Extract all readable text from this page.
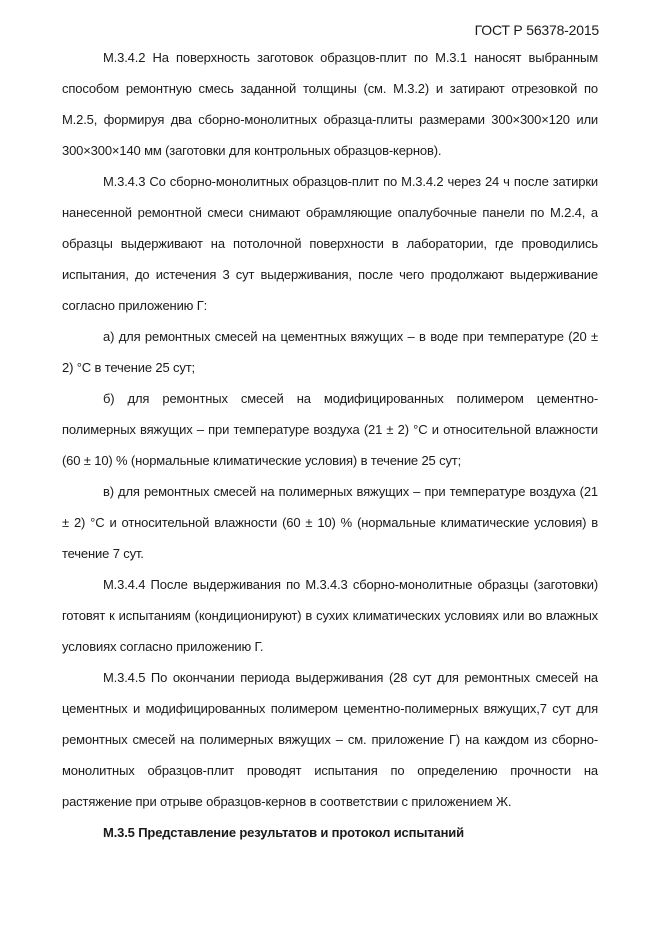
ГОСТ Р 56378-2015

М.3.4.2 На поверхность заготовок образцов-плит по М.3.1 наносят выбранным способом ремонтную смесь заданной толщины (см. М.3.2) и затирают отрезовкой по М.2.5, формируя два сборно-монолитных образца-плиты размерами 300×300×120 или 300×300×140 мм (заготовки для контрольных образцов-кернов).

М.3.4.3 Со сборно-монолитных образцов-плит по М.3.4.2 через 24 ч после затирки нанесенной ремонтной смеси снимают обрамляющие опалубочные панели по М.2.4, а образцы выдерживают на потолочной поверхности в лаборатории, где проводились испытания, до истечения 3 сут выдерживания, после чего продолжают выдерживание согласно приложению Г:

а) для ремонтных смесей на цементных вяжущих – в воде при температуре (20 ± 2) °С в течение 25 сут;

б) для ремонтных смесей на модифицированных полимером цементно-полимерных вяжущих – при температуре воздуха (21 ± 2) °С и относительной влажности (60 ± 10) % (нормальные климатические условия) в течение 25 сут;

в) для ремонтных смесей на полимерных вяжущих – при температуре воздуха (21 ± 2) °С и относительной влажности (60 ± 10) % (нормальные климатические условия) в течение 7 сут.

М.3.4.4 После выдерживания по М.3.4.3 сборно-монолитные образцы (заготовки) готовят к испытаниям (кондиционируют) в сухих климатических условиях или во влажных условиях согласно приложению Г.

М.3.4.5 По окончании периода выдерживания (28 сут для ремонтных смесей на цементных и модифицированных полимером цементно-полимерных вяжущих,7 сут для ремонтных смесей на полимерных вяжущих – см. приложение Г) на каждом из сборно-монолитных образцов-плит проводят испытания по определению прочности на растяжение при отрыве образцов-кернов в соответствии с приложением Ж.

М.3.5 Представление результатов и протокол испытаний
